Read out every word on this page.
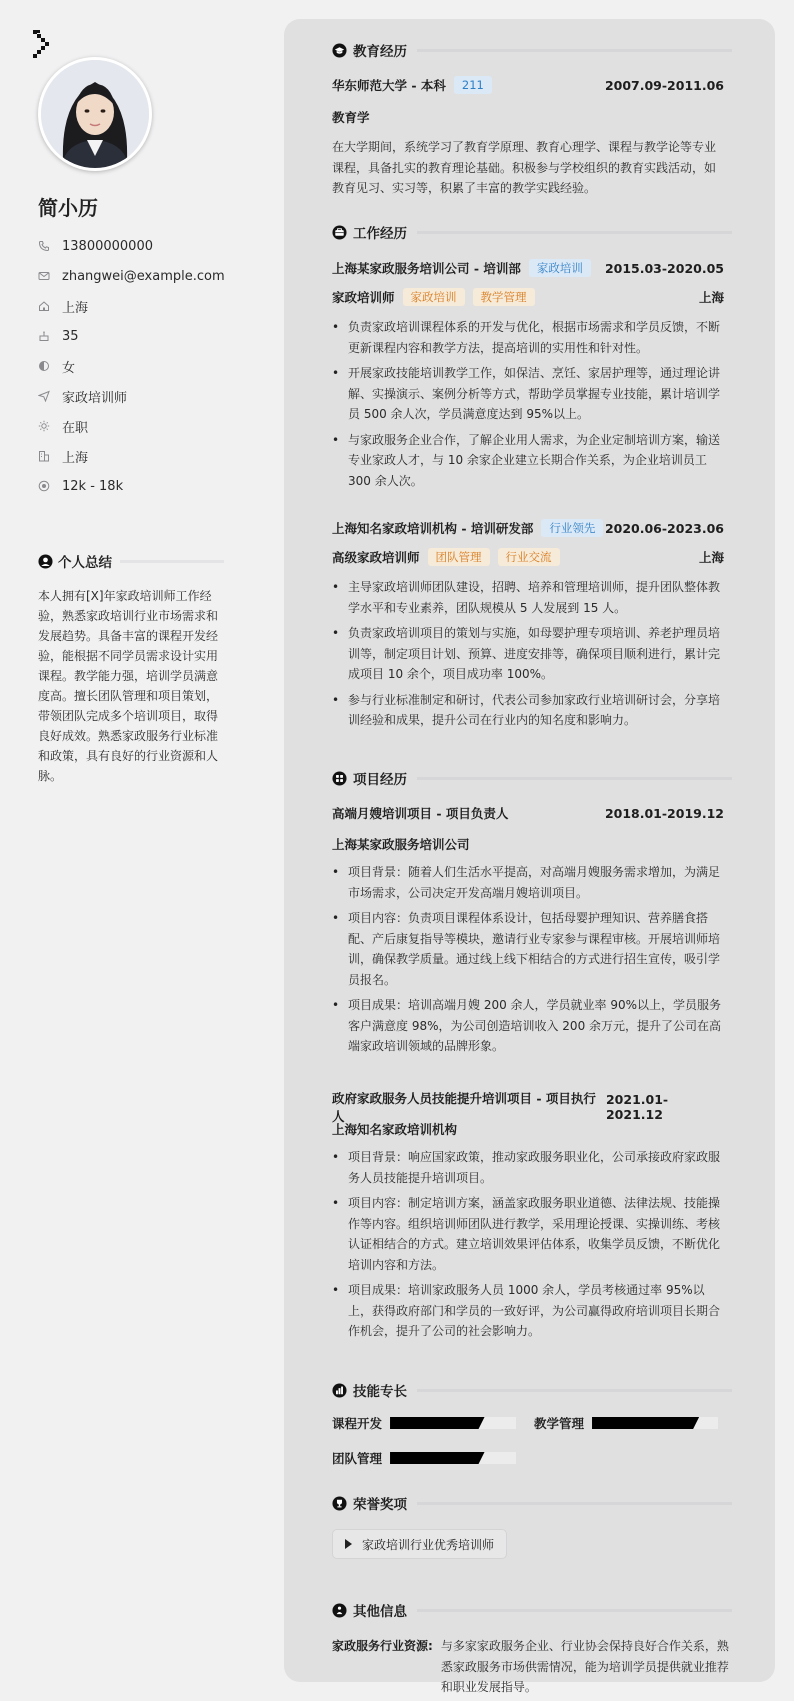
简小历
13800000000
zhangwei@example.com
上海
35
女
家政培训师
在职
上海
12k - 18k
个人总结
本人拥有[X]年家政培训师工作经验，熟悉家政培训行业市场需求和发展趋势。具备丰富的课程开发经验，能根据不同学员需求设计实用课程。教学能力强，培训学员满意度高。擅长团队管理和项目策划，带领团队完成多个培训项目，取得良好成效。熟悉家政服务行业标准和政策，具有良好的行业资源和人脉。
教育经历
华东师范大学 - 本科	211	2007.09-2011.06
教育学
在大学期间，系统学习了教育学原理、教育心理学、课程与教学论等专业课程，具备扎实的教育理论基础。积极参与学校组织的教育实践活动，如教育见习、实习等，积累了丰富的教学实践经验。
工作经历
上海某家政服务培训公司 - 培训部	家政培训	2015.03-2020.05
家政培训师	家政培训	教学管理	上海
• 负责家政培训课程体系的开发与优化，根据市场需求和学员反馈，不断更新课程内容和教学方法，提高培训的实用性和针对性。
• 开展家政技能培训教学工作，如保洁、烹饪、家居护理等，通过理论讲解、实操演示、案例分析等方式，帮助学员掌握专业技能，累计培训学员 500 余人次，学员满意度达到 95%以上。
• 与家政服务企业合作，了解企业用人需求，为企业定制培训方案，输送专业家政人才，与 10 余家企业建立长期合作关系，为企业培训员工 300 余人次。
上海知名家政培训机构 - 培训研发部	行业领先 2020.06-2023.06
高级家政培训师	团队管理	行业交流	上海
• 主导家政培训师团队建设，招聘、培养和管理培训师，提升团队整体教学水平和专业素养，团队规模从 5 人发展到 15 人。
• 负责家政培训项目的策划与实施，如母婴护理专项培训、养老护理员培训等，制定项目计划、预算、进度安排等，确保项目顺利进行，累计完成项目 10 余个，项目成功率 100%。
• 参与行业标准制定和研讨，代表公司参加家政行业培训研讨会，分享培训经验和成果，提升公司在行业内的知名度和影响力。
项目经历
高端月嫂培训项目 - 项目负责人	2018.01-2019.12
上海某家政服务培训公司
• 项目背景：随着人们生活水平提高，对高端月嫂服务需求增加，为满足市场需求，公司决定开发高端月嫂培训项目。
• 项目内容：负责项目课程体系设计，包括母婴护理知识、营养膳食搭配、产后康复指导等模块，邀请行业专家参与课程审核。开展培训师培训，确保教学质量。通过线上线下相结合的方式进行招生宣传，吸引学员报名。
• 项目成果：培训高端月嫂 200 余人，学员就业率 90%以上，学员服务客户满意度 98%，为公司创造培训收入 200 余万元，提升了公司在高端家政培训领域的品牌形象。
政府家政服务人员技能提升培训项目 - 项目执行人
2021.01-2021.12
上海知名家政培训机构
• 项目背景：响应国家政策，推动家政服务职业化，公司承接政府家政服务人员技能提升培训项目。
• 项目内容：制定培训方案，涵盖家政服务职业道德、法律法规、技能操作等内容。组织培训师团队进行教学，采用理论授课、实操训练、考核认证相结合的方式。建立培训效果评估体系，收集学员反馈，不断优化培训内容和方法。
• 项目成果：培训家政服务人员 1000 余人，学员考核通过率 95%以上，获得政府部门和学员的一致好评，为公司赢得政府培训项目长期合作机会，提升了公司的社会影响力。
技能专长
课程开发	教学管理
团队管理
荣誉奖项
家政培训行业优秀培训师
其他信息
家政服务行业资源: 与多家家政服务企业、行业协会保持良好合作关系，熟悉家政服务市场供需情况，能为培训学员提供就业推荐和职业发展指导。
